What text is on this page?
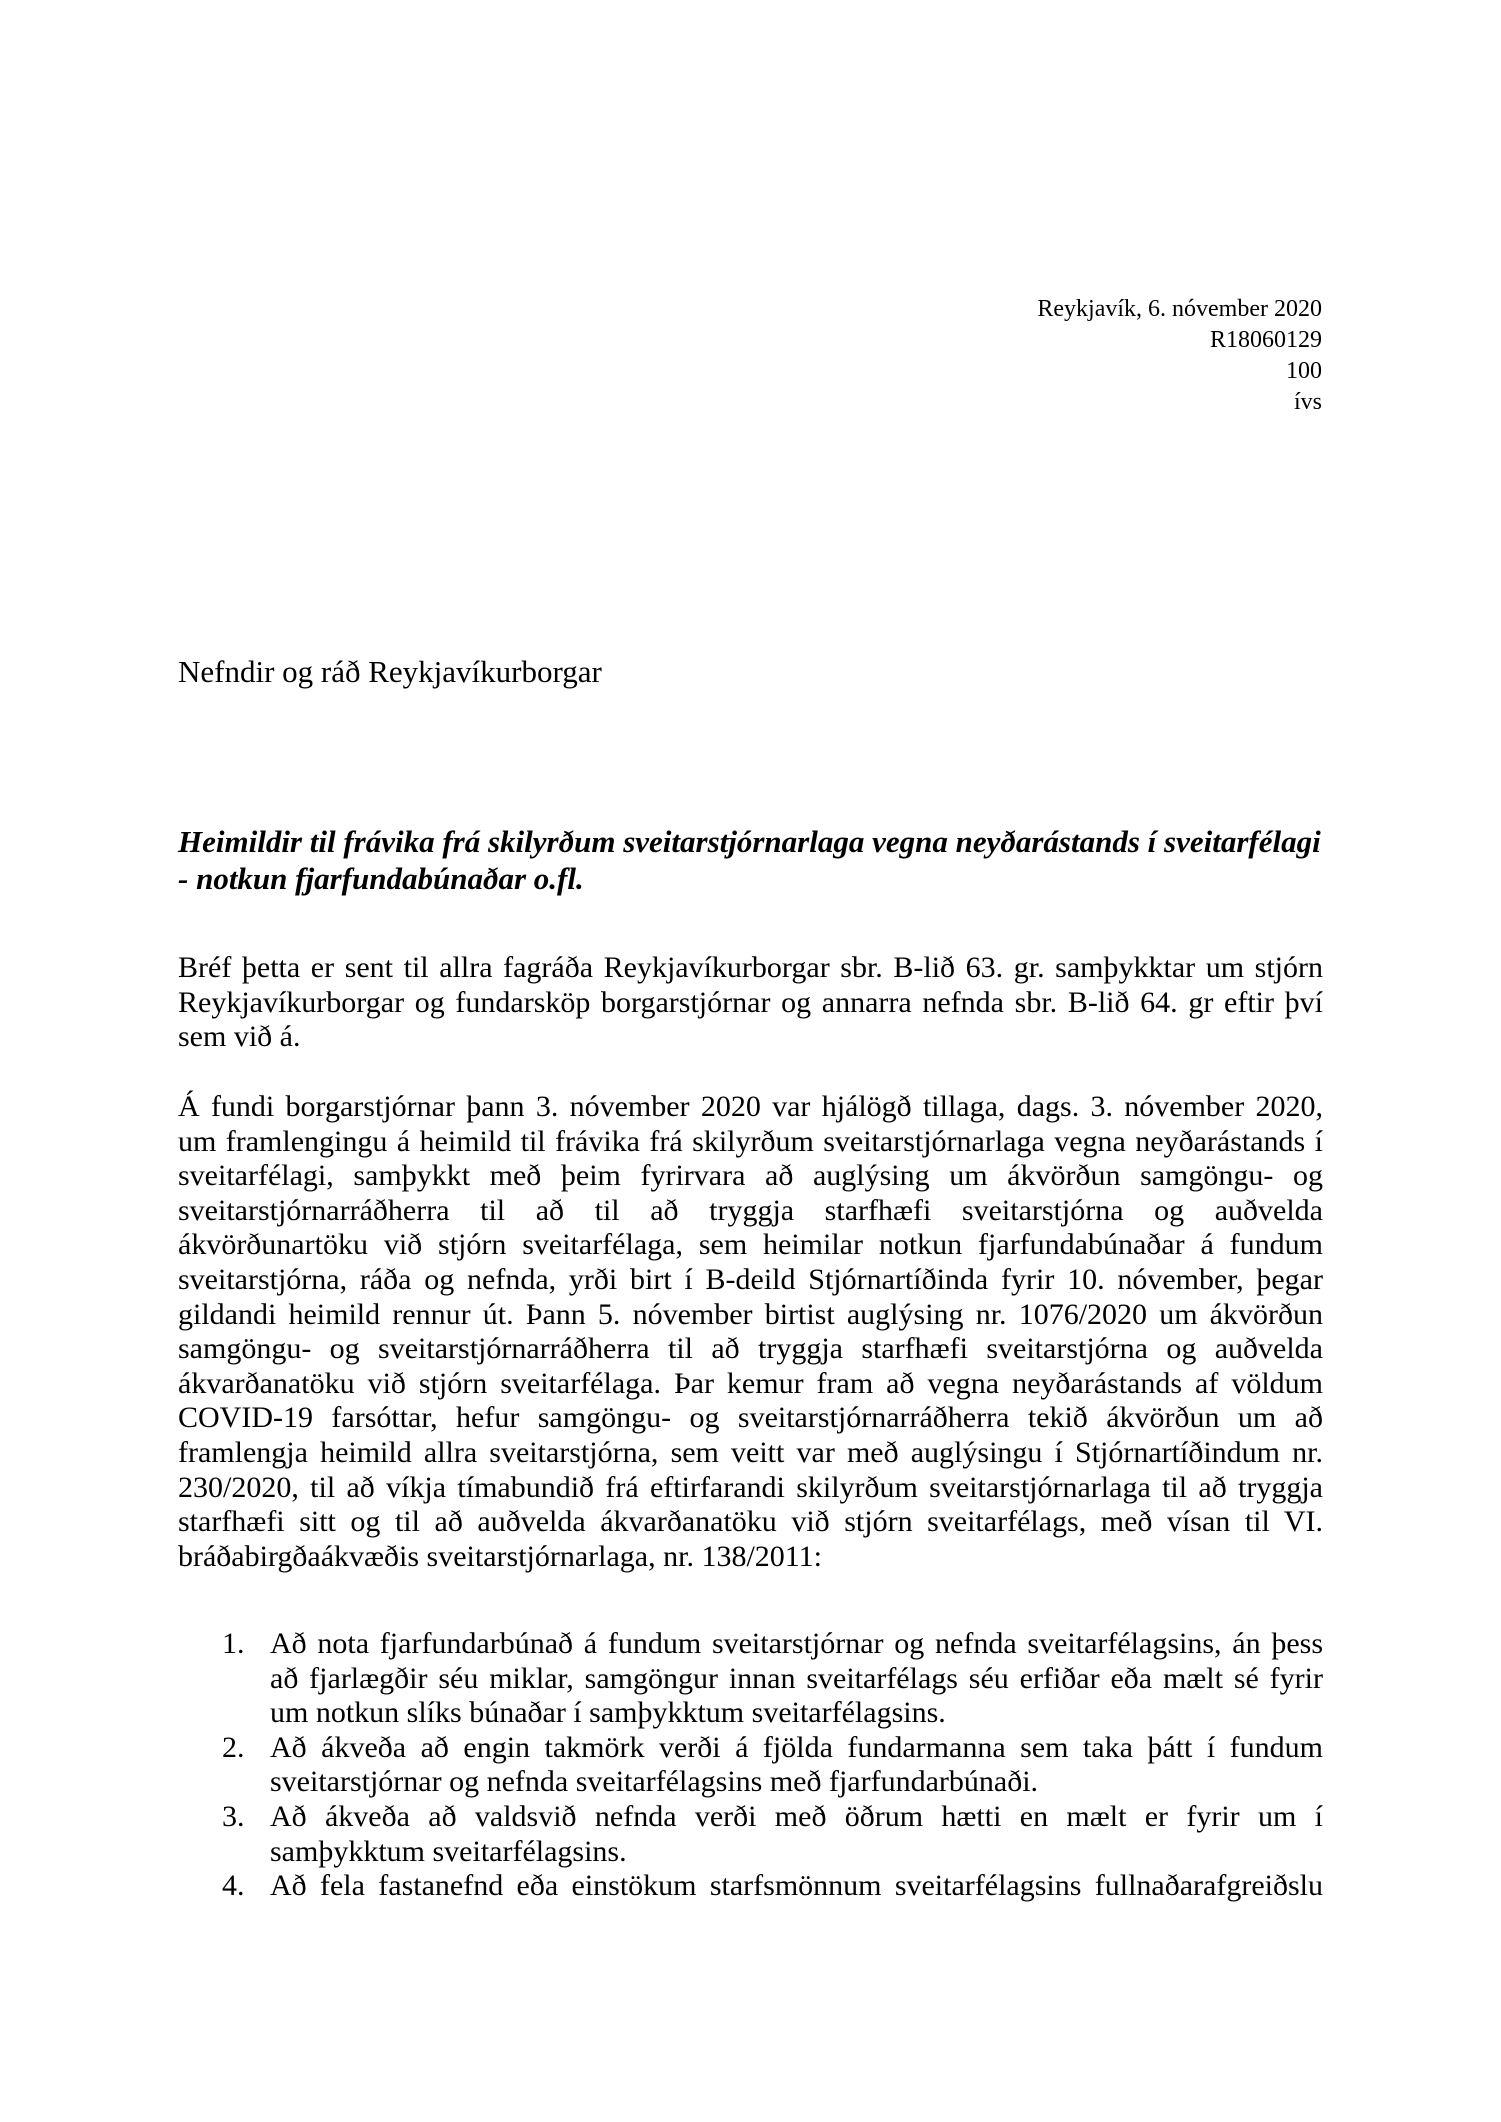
Reykjavík, 6. nóvember 2020
R18060129
100
ívs
Nefndir og ráð Reykjavíkurborgar
Heimildir til frávika frá skilyrðum sveitarstjórnarlaga vegna neyðarástands í sveitarfélagi
- notkun fjarfundabúnaðar o.fl.
Bréf þetta er sent til allra fagráða Reykjavíkurborgar sbr. B-lið 63. gr. samþykktar um stjórn
Reykjavíkurborgar og fundarsköp borgarstjórnar og annarra nefnda sbr. B-lið 64. gr eftir því
sem við á.
Á fundi borgarstjórnar þann 3. nóvember 2020 var hjálögð tillaga, dags. 3. nóvember 2020,
um framlengingu á heimild til frávika frá skilyrðum sveitarstjórnarlaga vegna neyðarástands í
sveitarfélagi, samþykkt með þeim fyrirvara að auglýsing um ákvörðun samgöngu- og
sveitarstjórnarráðherra til að til að tryggja starfhæfi sveitarstjórna og auðvelda
ákvörðunartöku við stjórn sveitarfélaga, sem heimilar notkun fjarfundabúnaðar á fundum
sveitarstjórna, ráða og nefnda, yrði birt í B-deild Stjórnartíðinda fyrir 10. nóvember, þegar
gildandi heimild rennur út. Þann 5. nóvember birtist auglýsing nr. 1076/2020 um ákvörðun
samgöngu- og sveitarstjórnarráðherra til að tryggja starfhæfi sveitarstjórna og auðvelda
ákvarðanatöku við stjórn sveitarfélaga. Þar kemur fram að vegna neyðarástands af völdum
COVID-19 farsóttar, hefur samgöngu- og sveitarstjórnarráðherra tekið ákvörðun um að
framlengja heimild allra sveitarstjórna, sem veitt var með auglýsingu í Stjórnartíðindum nr.
230/2020, til að víkja tímabundið frá eftirfarandi skilyrðum sveitarstjórnarlaga til að tryggja
starfhæfi sitt og til að auðvelda ákvarðanatöku við stjórn sveitarfélags, með vísan til VI.
bráðabirgðaákvæðis sveitarstjórnarlaga, nr. 138/2011:
1. Að nota fjarfundarbúnað á fundum sveitarstjórnar og nefnda sveitarfélagsins, án þess
að fjarlægðir séu miklar, samgöngur innan sveitarfélags séu erfiðar eða mælt sé fyrir
um notkun slíks búnaðar í samþykktum sveitarfélagsins.
2. Að ákveða að engin takmörk verði á fjölda fundarmanna sem taka þátt í fundum
sveitarstjórnar og nefnda sveitarfélagsins með fjarfundarbúnaði.
3. Að ákveða að valdsvið nefnda verði með öðrum hætti en mælt er fyrir um í
samþykktum sveitarfélagsins.
4. Að fela fastanefnd eða einstökum starfsmönnum sveitarfélagsins fullnaðarafgreiðslu
